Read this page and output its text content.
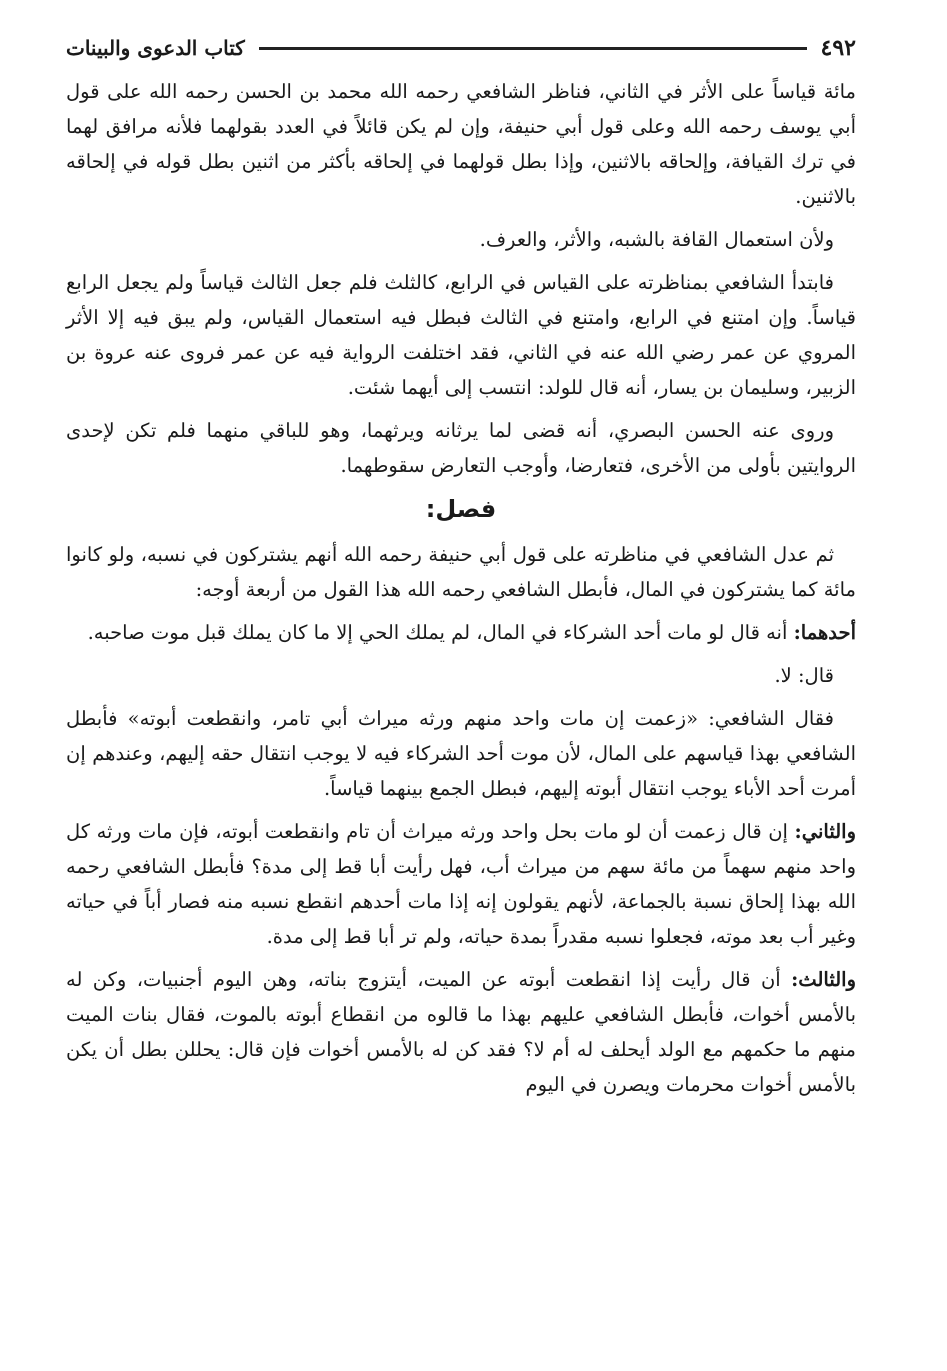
٤٩٢
كتاب الدعوى والبينات

مائة قياساً على الأثر في الثاني، فناظر الشافعي رحمه الله محمد بن الحسن رحمه الله على قول أبي يوسف رحمه الله وعلى قول أبي حنيفة، وإن لم يكن قائلاً في العدد بقولهما فلأنه مرافق لهما في ترك القيافة، وإلحاقه بالاثنين، وإذا بطل قولهما في إلحاقه بأكثر من اثنين بطل قوله في إلحاقه بالاثنين.

ولأن استعمال القافة بالشبه، والأثر، والعرف.

فابتدأ الشافعي بمناظرته على القياس في الرابع، كالثلث فلم جعل الثالث قياساً ولم يجعل الرابع قياساً. وإن امتنع في الرابع، وامتنع في الثالث فبطل فيه استعمال القياس، ولم يبق فيه إلا الأثر المروي عن عمر رضي الله عنه في الثاني، فقد اختلفت الرواية فيه عن عمر فروى عنه عروة بن الزبير، وسليمان بن يسار، أنه قال للولد: انتسب إلى أيهما شئت.

وروى عنه الحسن البصري، أنه قضى لما يرثانه ويرثهما، وهو للباقي منهما فلم تكن لإحدى الروايتين بأولى من الأخرى، فتعارضا، وأوجب التعارض سقوطهما.

فصل:

ثم عدل الشافعي في مناظرته على قول أبي حنيفة رحمه الله أنهم يشتركون في نسبه، ولو كانوا مائة كما يشتركون في المال، فأبطل الشافعي رحمه الله هذا القول من أربعة أوجه:

أحدهما: أنه قال لو مات أحد الشركاء في المال، لم يملك الحي إلا ما كان يملك قبل موت صاحبه.

قال: لا.

فقال الشافعي: «زعمت إن مات واحد منهم ورثه ميراث أبي تامر، وانقطعت أبوته» فأبطل الشافعي بهذا قياسهم على المال، لأن موت أحد الشركاء فيه لا يوجب انتقال حقه إليهم، وعندهم إن أمرت أحد الأباء يوجب انتقال أبوته إليهم، فبطل الجمع بينهما قياساً.

والثاني: إن قال زعمت أن لو مات بحل واحد ورثه ميراث أن تام وانقطعت أبوته، فإن مات ورثه كل واحد منهم سهماً من مائة سهم من ميراث أب، فهل رأيت أبا قط إلى مدة؟ فأبطل الشافعي رحمه الله بهذا إلحاق نسبة بالجماعة، لأنهم يقولون إنه إذا مات أحدهم انقطع نسبه منه فصار أباً في حياته وغير أب بعد موته، فجعلوا نسبه مقدراً بمدة حياته، ولم تر أبا قط إلى مدة.

والثالث: أن قال رأيت إذا انقطعت أبوته عن الميت، أيتزوج بناته، وهن اليوم أجنبيات، وكن له بالأمس أخوات، فأبطل الشافعي عليهم بهذا ما قالوه من انقطاع أبوته بالموت، فقال بنات الميت منهم ما حكمهم مع الولد أيحلف له أم لا؟ فقد كن له بالأمس أخوات فإن قال: يحللن بطل أن يكن بالأمس أخوات محرمات ويصرن في اليوم
